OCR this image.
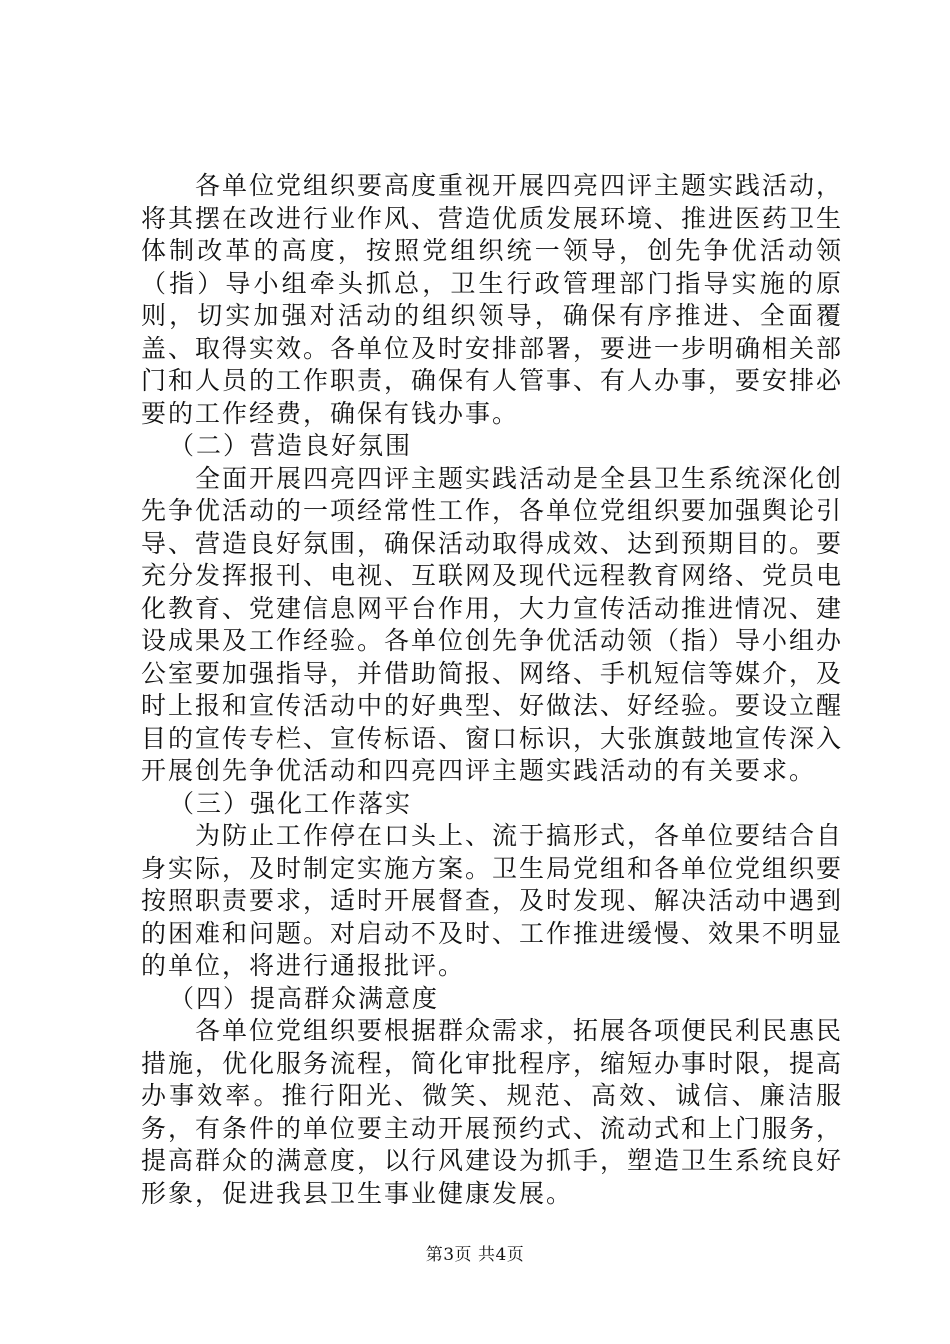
各单位党组织要高度重视开展四亮四评主题实践活动，将其摆在改进行业作风、营造优质发展环境、推进医药卫生体制改革的高度，按照党组织统一领导，创先争优活动领（指）导小组牵头抓总，卫生行政管理部门指导实施的原则，切实加强对活动的组织领导，确保有序推进、全面覆盖、取得实效。各单位及时安排部署，要进一步明确相关部门和人员的工作职责，确保有人管事、有人办事，要安排必要的工作经费，确保有钱办事。

（二）营造良好氛围

全面开展四亮四评主题实践活动是全县卫生系统深化创先争优活动的一项经常性工作，各单位党组织要加强舆论引导、营造良好氛围，确保活动取得成效、达到预期目的。要充分发挥报刊、电视、互联网及现代远程教育网络、党员电化教育、党建信息网平台作用，大力宣传活动推进情况、建设成果及工作经验。各单位创先争优活动领（指）导小组办公室要加强指导，并借助简报、网络、手机短信等媒介，及时上报和宣传活动中的好典型、好做法、好经验。要设立醒目的宣传专栏、宣传标语、窗口标识，大张旗鼓地宣传深入开展创先争优活动和四亮四评主题实践活动的有关要求。

（三）强化工作落实

为防止工作停在口头上、流于搞形式，各单位要结合自身实际，及时制定实施方案。卫生局党组和各单位党组织要按照职责要求，适时开展督查，及时发现、解决活动中遇到的困难和问题。对启动不及时、工作推进缓慢、效果不明显的单位，将进行通报批评。

（四）提高群众满意度

各单位党组织要根据群众需求，拓展各项便民利民惠民措施，优化服务流程，简化审批程序，缩短办事时限，提高办事效率。推行阳光、微笑、规范、高效、诚信、廉洁服务，有条件的单位要主动开展预约式、流动式和上门服务，提高群众的满意度，以行风建设为抓手，塑造卫生系统良好形象，促进我县卫生事业健康发展。

第3页 共4页
